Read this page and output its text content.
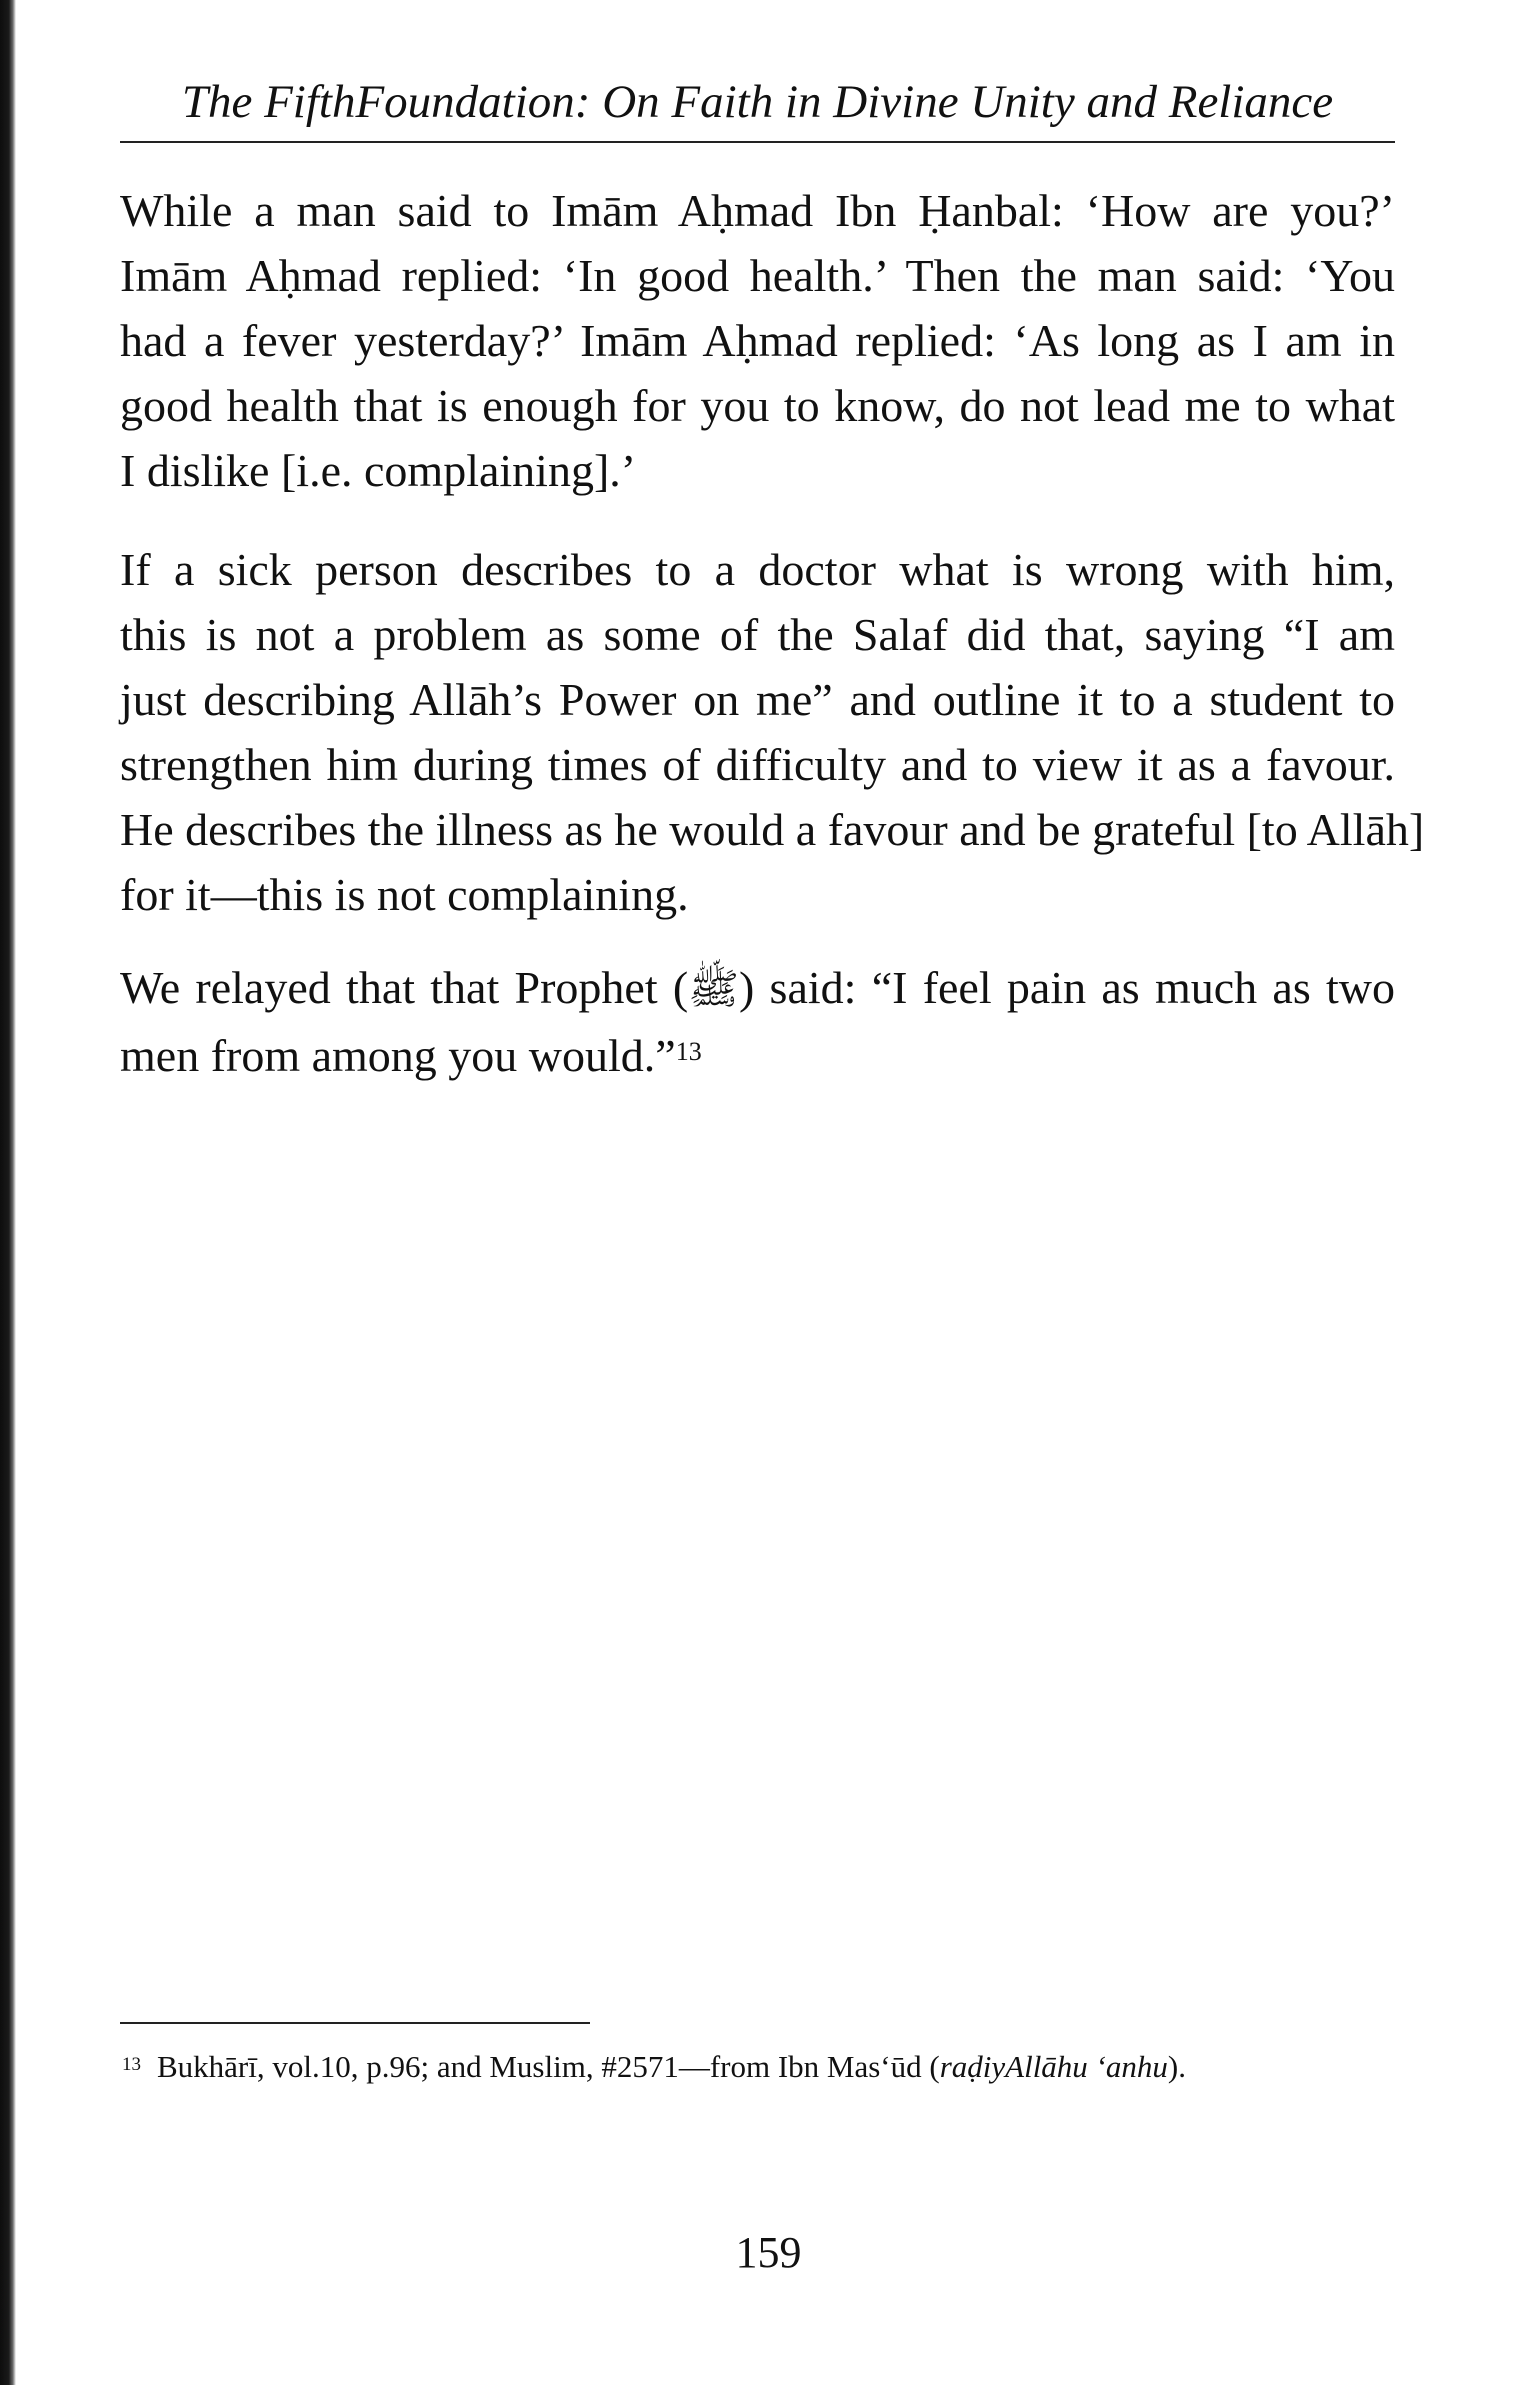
The FifthFoundation: On Faith in Divine Unity and Reliance

While a man said to Imām Aḥmad Ibn Ḥanbal: ‘How are you?’
Imām Aḥmad replied: ‘In good health.’ Then the man said: ‘You
had a fever yesterday?’ Imām Aḥmad replied: ‘As long as I am in
good health that is enough for you to know, do not lead me to what
I dislike [i.e. complaining].’

If a sick person describes to a doctor what is wrong with him,
this is not a problem as some of the Salaf did that, saying “I am
just describing Allāh’s Power on me” and outline it to a student to
strengthen him during times of difficulty and to view it as a favour.
He describes the illness as he would a favour and be grateful [to Allāh]
for it—this is not complaining.

We relayed that that Prophet (ﷺ) said: “I feel pain as much as two
men from among you would.”$^{13}$

$^{13}$ Bukhārī, vol.10, p.96; and Muslim, #2571—from Ibn Mas‘ūd (raḍiyAllāhu ‘anhu).
159
